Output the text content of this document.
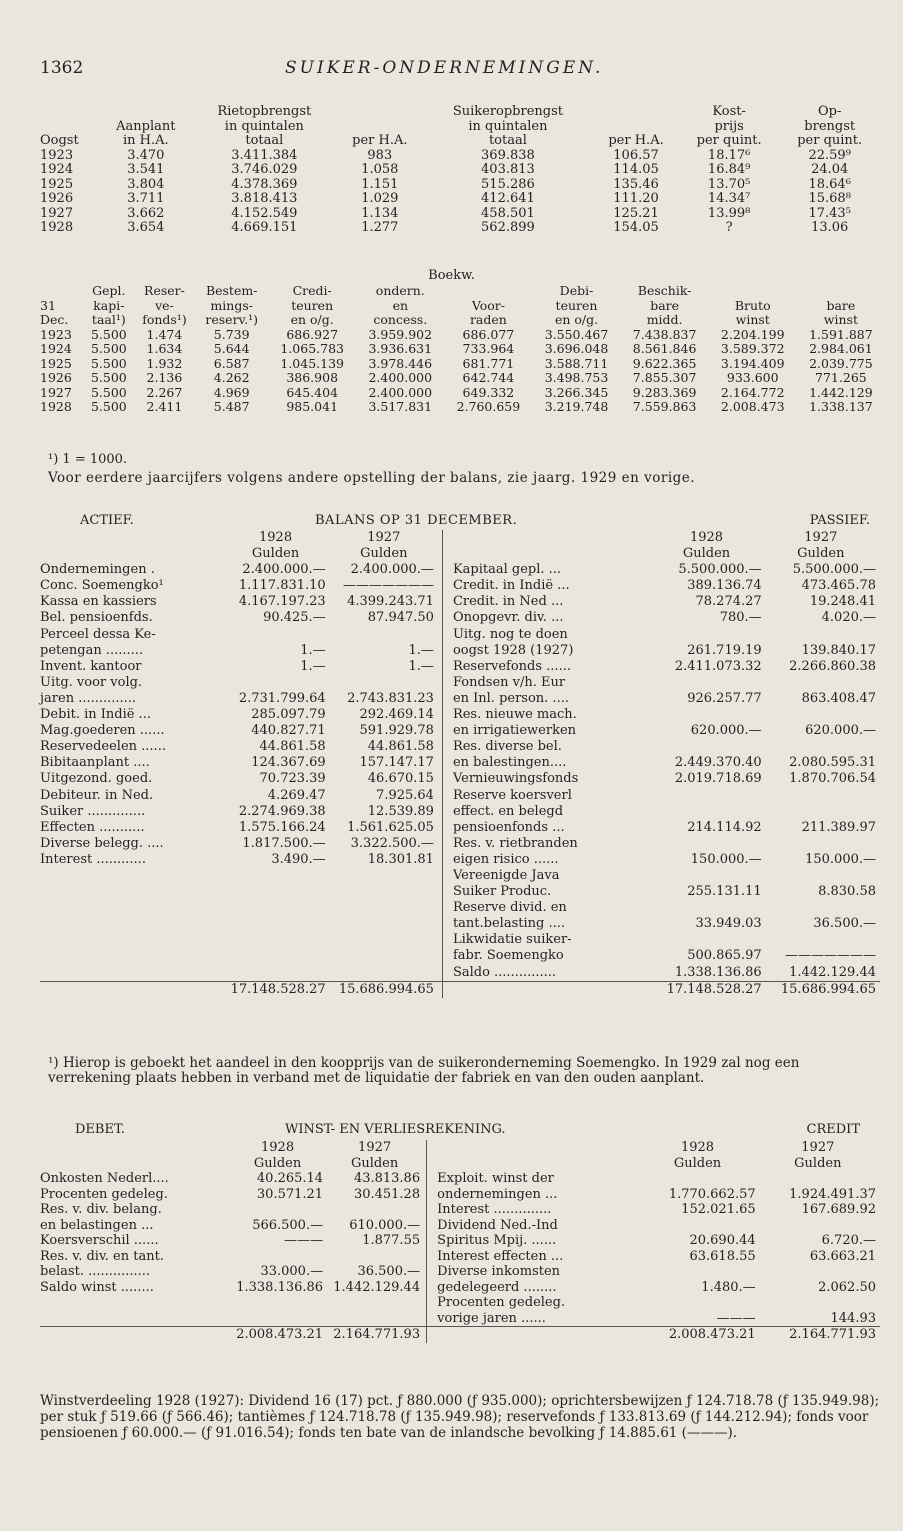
1362	SUIKER-ONDERNEMINGEN.
		Rietopbrengst		Suikeropbrengst		Kost-	Op-
	Aanplant	in quintalen		in quintalen		prijs	brengst
Oogst	in H.A.	totaal	per H.A.	totaal	per H.A.	per quint.	per quint.
1923	3.470	3.411.384	983	369.838	106.57	18.17⁶	22.59⁹
1924	3.541	3.746.029	1.058	403.813	114.05	16.84⁹	24.04
1925	3.804	4.378.369	1.151	515.286	135.46	13.70⁵	18.64⁶
1926	3.711	3.818.413	1.029	412.641	111.20	14.34⁷	15.68⁸
1927	3.662	4.152.549	1.134	458.501	125.21	13.99⁸	17.43⁵
1928	3.654	4.669.151	1.277	562.899	154.05	?	13.06
Boekw.
	Gepl.	Reser-	Bestem-	Credi-	ondern.		Debi-	Beschik-		
31	kapi-	ve-	mings-	teuren	en	Voor-	teuren	bare	Bruto	bare
Dec.	taal¹)	fonds¹)	reserv.¹)	en o/g.	concess.	raden	en o/g.	midd.	winst	winst
1923	5.500	1.474	5.739	686.927	3.959.902	686.077	3.550.467	7.438.837	2.204.199	1.591.887
1924	5.500	1.634	5.644	1.065.783	3.936.631	733.964	3.696.048	8.561.846	3.589.372	2.984.061
1925	5.500	1.932	6.587	1.045.139	3.978.446	681.771	3.588.711	9.622.365	3.194.409	2.039.775
1926	5.500	2.136	4.262	386.908	2.400.000	642.744	3.498.753	7.855.307	933.600	771.265
1927	5.500	2.267	4.969	645.404	2.400.000	649.332	3.266.345	9.283.369	2.164.772	1.442.129
1928	5.500	2.411	5.487	985.041	3.517.831	2.760.659	3.219.748	7.559.863	2.008.473	1.338.137
¹) 1 = 1000.
Voor eerdere jaarcijfers volgens andere opstelling der balans, zie jaarg. 1929 en vorige.
ACTIEF.	BALANS OP 31 DECEMBER.	PASSIEF.
	1928	1927			1928	1927
	Gulden	Gulden			Gulden	Gulden
Ondernemingen .	2.400.000.—	2.400.000.—		Kapitaal gepl. ...	5.500.000.—	5.500.000.—
Conc. Soemengko¹	1.117.831.10	———————		Credit. in Indië ...	389.136.74	473.465.78
Kassa en kassiers	4.167.197.23	4.399.243.71		Credit. in Ned ...	78.274.27	19.248.41
Bel. pensioenfds.	90.425.—	87.947.50		Onopgevr. div. ...	780.—	4.020.—
Perceel dessa Ke-				Uitg. nog te doen		
petengan .........	1.—	1.—		oogst 1928 (1927)	261.719.19	139.840.17
Invent. kantoor	1.—	1.—		Reservefonds ......	2.411.073.32	2.266.860.38
Uitg. voor volg.				Fondsen v/h. Eur		
jaren ..............	2.731.799.64	2.743.831.23		en Inl. person. ....	926.257.77	863.408.47
Debit. in Indië ...	285.097.79	292.469.14		Res. nieuwe mach.		
Mag.goederen ......	440.827.71	591.929.78		en irrigatiewerken	620.000.—	620.000.—
Reservedeelen ......	44.861.58	44.861.58		Res. diverse bel.		
Bibitaanplant ....	124.367.69	157.147.17		en balestingen....	2.449.370.40	2.080.595.31
Uitgezond. goed.	70.723.39	46.670.15		Vernieuwingsfonds	2.019.718.69	1.870.706.54
Debiteur. in Ned.	4.269.47	7.925.64		Reserve koersverl		
Suiker ..............	2.274.969.38	12.539.89		effect. en belegd		
Effecten ...........	1.575.166.24	1.561.625.05		pensioenfonds ...	214.114.92	211.389.97
Diverse belegg. ....	1.817.500.—	3.322.500.—		Res. v. rietbranden		
Interest ............	3.490.—	18.301.81		eigen risico ......	150.000.—	150.000.—
				Vereenigde Java		
				Suiker Produc.	255.131.11	8.830.58
				Reserve divid. en		
				tant.belasting ....	33.949.03	36.500.—
				Likwidatie suiker-		
				fabr. Soemengko	500.865.97	———————
				Saldo ...............	1.338.136.86	1.442.129.44

	17.148.528.27	15.686.994.65			17.148.528.27	15.686.994.65
¹) Hierop is geboekt het aandeel in den koopprijs van de suikeronderneming Soemengko. In 1929 zal nog een verrekening plaats hebben in verband met de liquidatie der fabriek en van den ouden aanplant.
DEBET.	WINST- EN VERLIESREKENING.	CREDIT
	1928	1927			1928	1927
	Gulden	Gulden			Gulden	Gulden
Onkosten Nederl....	40.265.14	43.813.86		Exploit. winst der		
Procenten gedeleg.	30.571.21	30.451.28		ondernemingen ...	1.770.662.57	1.924.491.37
Res. v. div. belang.				Interest ..............	152.021.65	167.689.92
en belastingen ...	566.500.—	610.000.—		Dividend Ned.-Ind		
Koersverschil ......	———	1.877.55		Spiritus Mpij. ......	20.690.44	6.720.—
Res. v. div. en tant.				Interest effecten ...	63.618.55	63.663.21
belast. ...............	33.000.—	36.500.—		Diverse inkomsten		
Saldo winst ........	1.338.136.86	1.442.129.44		gedelegeerd ........	1.480.—	2.062.50
				Procenten gedeleg.		
				vorige jaren ......	———	144.93

	2.008.473.21	2.164.771.93			2.008.473.21	2.164.771.93
Winstverdeeling 1928 (1927): Dividend 16 (17) pct. ƒ 880.000 (ƒ 935.000); oprichtersbewijzen ƒ 124.718.78 (ƒ 135.949.98); per stuk ƒ 519.66 (ƒ 566.46); tantièmes ƒ 124.718.78 (ƒ 135.949.98); reservefonds ƒ 133.813.69 (ƒ 144.212.94); fonds voor pensioenen ƒ 60.000.— (ƒ 91.016.54); fonds ten bate van de inlandsche bevolking ƒ 14.885.61 (———).
